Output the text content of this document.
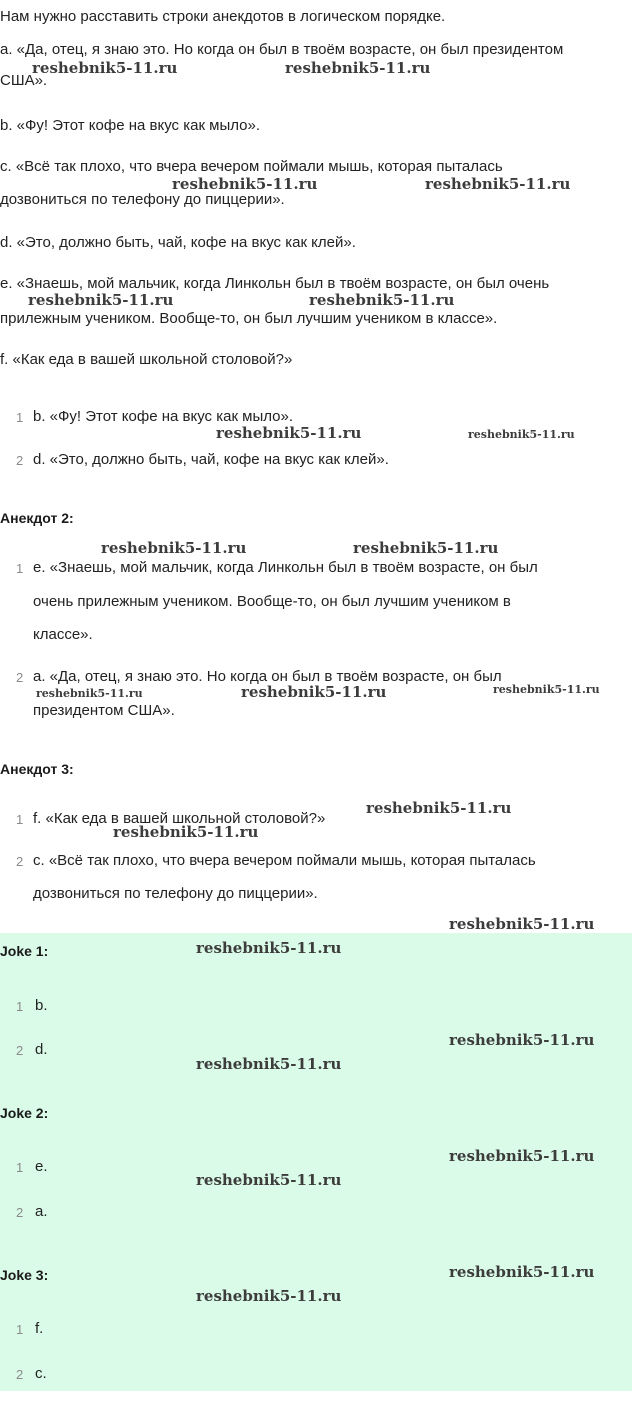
Нам нужно расставить строки анекдотов в логическом порядке.
a. «Да, отец, я знаю это. Но когда он был в твоём возрасте, он был президентом
США».
b. «Фу! Этот кофе на вкус как мыло».
c. «Всё так плохо, что вчера вечером поймали мышь, которая пыталась
дозвониться по телефону до пиццерии».
d. «Это, должно быть, чай, кофе на вкус как клей».
e. «Знаешь, мой мальчик, когда Линкольн был в твоём возрасте, он был очень
прилежным учеником. Вообще-то, он был лучшим учеником в классе».
f. «Как еда в вашей школьной столовой?»
1 b. «Фу! Этот кофе на вкус как мыло».
2 d. «Это, должно быть, чай, кофе на вкус как клей».
Анекдот 2:
1 e. «Знаешь, мой мальчик, когда Линкольн был в твоём возрасте, он был
очень прилежным учеником. Вообще-то, он был лучшим учеником в
классе».
2 a. «Да, отец, я знаю это. Но когда он был в твоём возрасте, он был
президентом США».
Анекдот 3:
1 f. «Как еда в вашей школьной столовой?»
2 c. «Всё так плохо, что вчера вечером поймали мышь, которая пыталась
дозвониться по телефону до пиццерии».
Joke 1:
1 b.
2 d.
Joke 2:
1 e.
2 a.
Joke 3:
1 f.
2 c.
reshebnik5-11.ru	reshebnik5-11.ru
reshebnik5-11.ru	reshebnik5-11.ru
reshebnik5-11.ru	reshebnik5-11.ru
reshebnik5-11.ru	reshebnik5-11.ru
reshebnik5-11.ru	reshebnik5-11.ru
reshebnik5-11.ru	reshebnik5-11.ru	reshebnik5-11.ru
reshebnik5-11.ru
reshebnik5-11.ru
reshebnik5-11.ru
reshebnik5-11.ru
reshebnik5-11.ru
reshebnik5-11.ru
reshebnik5-11.ru
reshebnik5-11.ru
reshebnik5-11.ru
reshebnik5-11.ru
